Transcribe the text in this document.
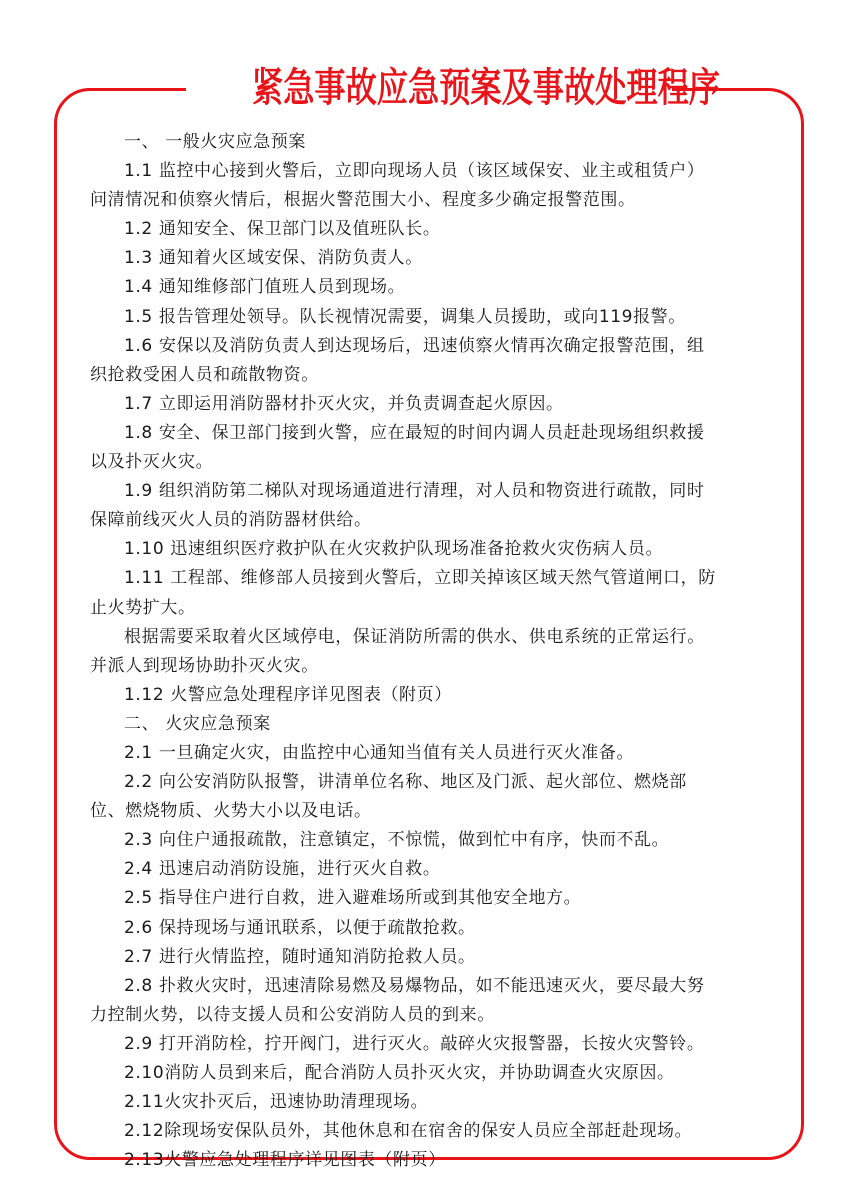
紧急事故应急预案及事故处理程序
一、 一般火灾应急预案
1.1 监控中心接到火警后，立即向现场人员（该区域保安、业主或租赁户）
问清情况和侦察火情后，根据火警范围大小、程度多少确定报警范围。
1.2 通知安全、保卫部门以及值班队长。
1.3 通知着火区域安保、消防负责人。
1.4 通知维修部门值班人员到现场。
1.5 报告管理处领导。队长视情况需要，调集人员援助，或向119报警。
1.6 安保以及消防负责人到达现场后，迅速侦察火情再次确定报警范围，组
织抢救受困人员和疏散物资。
1.7 立即运用消防器材扑灭火灾，并负责调查起火原因。
1.8 安全、保卫部门接到火警，应在最短的时间内调人员赶赴现场组织救援
以及扑灭火灾。
1.9 组织消防第二梯队对现场通道进行清理，对人员和物资进行疏散，同时
保障前线灭火人员的消防器材供给。
1.10 迅速组织医疗救护队在火灾救护队现场准备抢救火灾伤病人员。
1.11 工程部、维修部人员接到火警后，立即关掉该区域天然气管道闸口，防
止火势扩大。
根据需要采取着火区域停电，保证消防所需的供水、供电系统的正常运行。
并派人到现场协助扑灭火灾。
1.12 火警应急处理程序详见图表（附页）
二、 火灾应急预案
2.1 一旦确定火灾，由监控中心通知当值有关人员进行灭火准备。
2.2 向公安消防队报警，讲清单位名称、地区及门派、起火部位、燃烧部
位、燃烧物质、火势大小以及电话。
2.3 向住户通报疏散，注意镇定，不惊慌，做到忙中有序，快而不乱。
2.4 迅速启动消防设施，进行灭火自救。
2.5 指导住户进行自救，进入避难场所或到其他安全地方。
2.6 保持现场与通讯联系，以便于疏散抢救。
2.7 进行火情监控，随时通知消防抢救人员。
2.8 扑救火灾时，迅速清除易燃及易爆物品，如不能迅速灭火，要尽最大努
力控制火势，以待支援人员和公安消防人员的到来。
2.9 打开消防栓，拧开阀门，进行灭火。敲碎火灾报警器，长按火灾警铃。
2.10消防人员到来后，配合消防人员扑灭火灾，并协助调查火灾原因。
2.11火灾扑灭后，迅速协助清理现场。
2.12除现场安保队员外，其他休息和在宿舍的保安人员应全部赶赴现场。
2.13火警应急处理程序详见图表（附页）
